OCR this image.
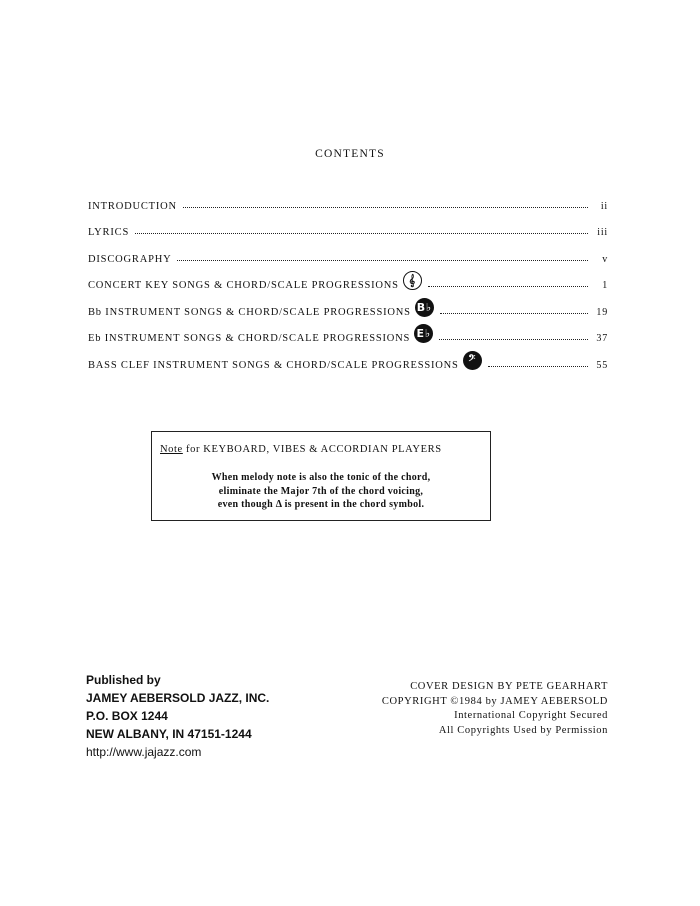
CONTENTS
INTRODUCTION	ii
LYRICS	iii
DISCOGRAPHY	v
CONCERT KEY SONGS & CHORD/SCALE PROGRESSIONS 𝄞	1
Bb INSTRUMENT SONGS & CHORD/SCALE PROGRESSIONS B♭	19
Eb INSTRUMENT SONGS & CHORD/SCALE PROGRESSIONS E♭	37
BASS CLEF INSTRUMENT SONGS & CHORD/SCALE PROGRESSIONS 𝄢	55
Note for KEYBOARD, VIBES & ACCORDIAN PLAYERS
When melody note is also the tonic of the chord,
eliminate the Major 7th of the chord voicing,
even though Δ is present in the chord symbol.
Published by
JAMEY AEBERSOLD JAZZ, INC.
P.O. BOX 1244
NEW ALBANY, IN 47151-1244
http://www.jajazz.com
COVER DESIGN BY PETE GEARHART
COPYRIGHT ©1984 by JAMEY AEBERSOLD
International Copyright Secured
All Copyrights Used by Permission
